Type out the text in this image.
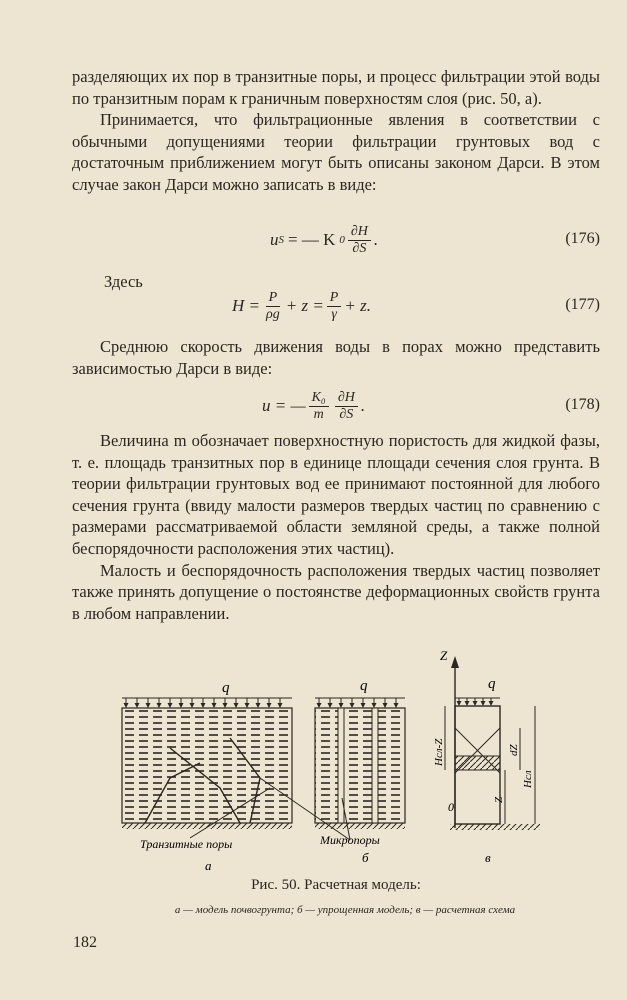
разделяющих их пор в транзитные поры, и процесс фильтрации этой воды по транзитным порам к граничным поверхностям слоя (рис. 50, а).

Принимается, что фильтрационные явления в соответствии с обычными допущениями теории фильтрации грунтовых вод с достаточным приближением могут быть описаны законом Дарси. В этом случае закон Дарси можно записать в виде:

u S = — K $0 \frac{\partial H}{\partial S}$ .	(176)
Здесь
$H = \frac{P}{\rho g} + z = \frac{P}{\gamma} + z$.	(177)

Среднюю скорость движения воды в порах можно представить зависимостью Дарси в виде:

u = — $\frac{\text{K₀}}{m} \frac{\partial H}{\partial S}$ .	(178)

Величина m обозначает поверхностную пористость для жидкой фазы, т. е. площадь транзитных пор в единице площади сечения слоя грунта. В теории фильтрации грунтовых вод ее принимают постоянной для любого сечения грунта (ввиду малости размеров твердых частиц по сравнению с размерами рассматриваемой области земляной среды, а также полной беспорядочности расположения этих частиц).

Малость и беспорядочность расположения твердых частиц позволяет также принять допущение о постоянстве деформационных свойств грунта в любом направлении.

q	q	q
Z
0
Hсл-Z	dZ
Hсл
Z
Транзитные поры	Микропоры
а
б	в
Рис. 50. Расчетная модель:
а — модель почвогрунта; б — упрощенная модель; в — расчетная схема
182
